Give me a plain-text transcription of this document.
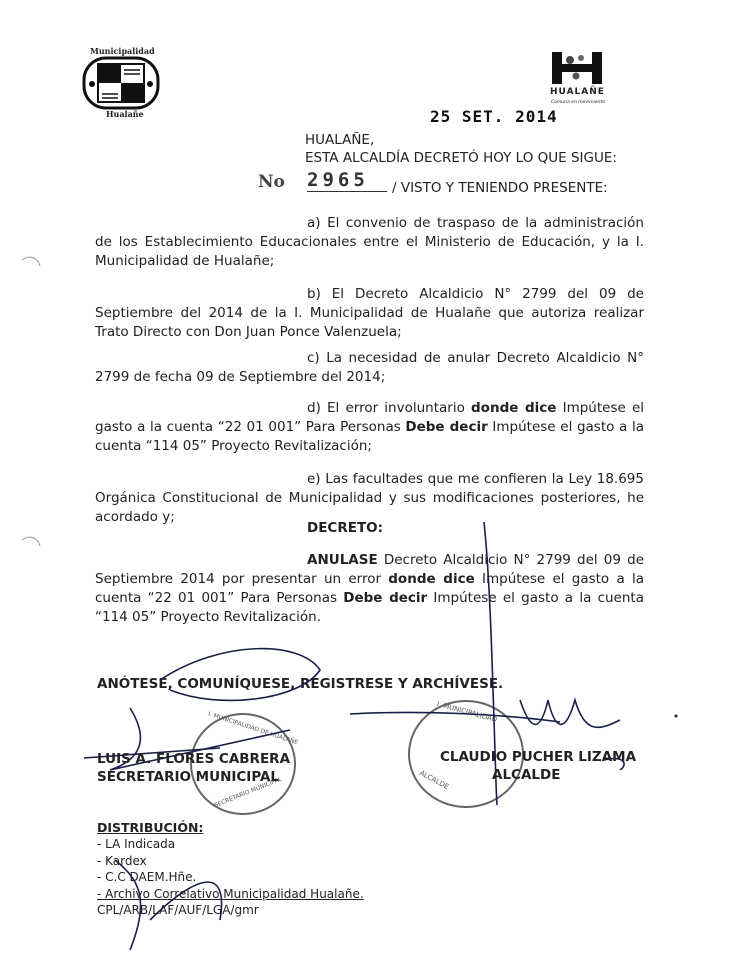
Municipalidad
Hualañe
HUALAÑE
Comuna en movimiento
25 SET. 2014
HUALAÑE,
ESTA ALCALDÍA DECRETÓ HOY LO QUE SIGUE:
No 2965	/ VISTO Y TENIENDO PRESENTE:

a) El convenio de traspaso de la administración de los Establecimiento Educacionales entre el Ministerio de Educación, y la I. Municipalidad de Hualañe;

b) El Decreto Alcaldicio N° 2799 del 09 de Septiembre del 2014 de la I. Municipalidad de Hualañe que autoriza realizar Trato Directo con Don Juan Ponce Valenzuela;

c) La necesidad de anular Decreto Alcaldicio N° 2799 de fecha 09 de Septiembre del 2014;

d) El error involuntario donde dice Impútese el gasto a la cuenta “22 01 001” Para Personas Debe decir Impútese el gasto a la cuenta “114 05” Proyecto Revitalización;

e) Las facultades que me confieren la Ley 18.695 Orgánica Constitucional de Municipalidad y sus modificaciones posteriores, he acordado y;

DECRETO:

ANULASE Decreto Alcaldicio N° 2799 del 09 de Septiembre 2014 por presentar un error donde dice Impútese el gasto a la cuenta “22 01 001” Para Personas Debe decir Impútese el gasto a la cuenta “114 05” Proyecto Revitalización.

ANÓTESE, COMUNÍQUESE, REGISTRESE Y ARCHÍVESE.
I. MUNICIPALIDAD DE HUALAÑE
SECRETARIO MUNICIPAL
I. MUNICIPALIDAD
ALCALDE
LUIS A. FLORES CABRERA
SECRETARIO MUNICIPAL
CLAUDIO PUCHER LIZAMA
ALCALDE
DISTRIBUCIÓN:
- LA Indicada
- Kardex
- C.C DAEM.Hñe.
- Archivo Correlativo Municipalidad Hualañe.
CPL/ARB/LAF/AUF/LGA/gmr
